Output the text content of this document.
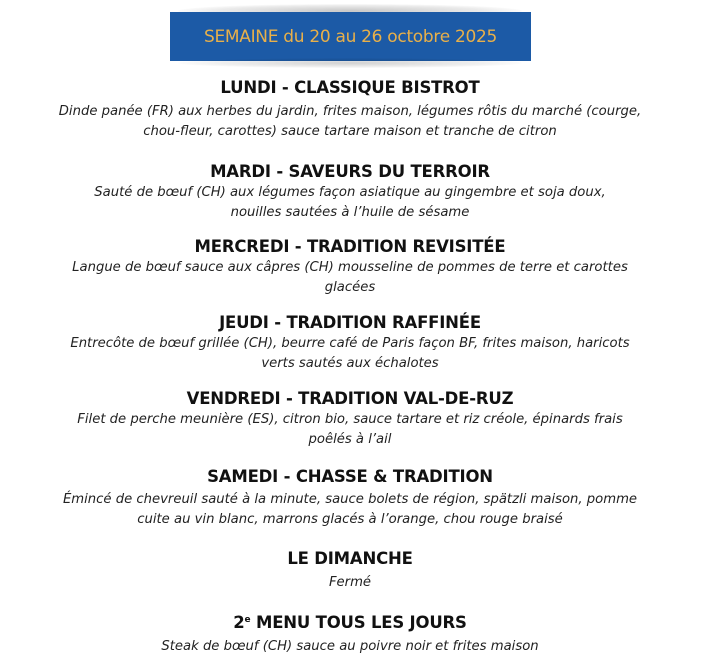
SEMAINE du 20 au 26 octobre 2025
LUNDI - CLASSIQUE BISTROT
Dinde panée (FR) aux herbes du jardin, frites maison, légumes rôtis du marché (courge,
chou-fleur, carottes) sauce tartare maison et tranche de citron
MARDI - SAVEURS DU TERROIR
Sauté de bœuf (CH) aux légumes façon asiatique au gingembre et soja doux,
nouilles sautées à l’huile de sésame
MERCREDI - TRADITION REVISITÉE
Langue de bœuf sauce aux câpres (CH) mousseline de pommes de terre et carottes
glacées
JEUDI - TRADITION RAFFINÉE
Entrecôte de bœuf grillée (CH), beurre café de Paris façon BF, frites maison, haricots
verts sautés aux échalotes
VENDREDI - TRADITION VAL-DE-RUZ
Filet de perche meunière (ES), citron bio, sauce tartare et riz créole, épinards frais
poêlés à l’ail
SAMEDI - CHASSE & TRADITION
Émincé de chevreuil sauté à la minute, sauce bolets de région, spätzli maison, pomme
cuite au vin blanc, marrons glacés à l’orange, chou rouge braisé
LE DIMANCHE
Fermé
2e MENU TOUS LES JOURS
Steak de bœuf (CH) sauce au poivre noir et frites maison
